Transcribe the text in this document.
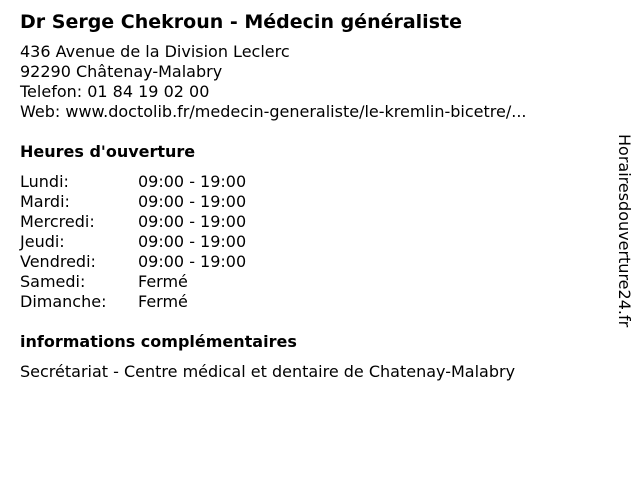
Dr Serge Chekroun - Médecin généraliste
436 Avenue de la Division Leclerc
92290 Châtenay-Malabry
Telefon: 01 84 19 02 00
Web: www.doctolib.fr/medecin-generaliste/le-kremlin-bicetre/...
Heures d'ouverture
Lundi:	09:00 - 19:00
Mardi:	09:00 - 19:00
Mercredi:	09:00 - 19:00
Jeudi:	09:00 - 19:00
Vendredi:	09:00 - 19:00
Samedi:	Fermé
Dimanche:	Fermé
informations complémentaires
Secrétariat - Centre médical et dentaire de Chatenay-Malabry
Horairesdouverture24.fr
